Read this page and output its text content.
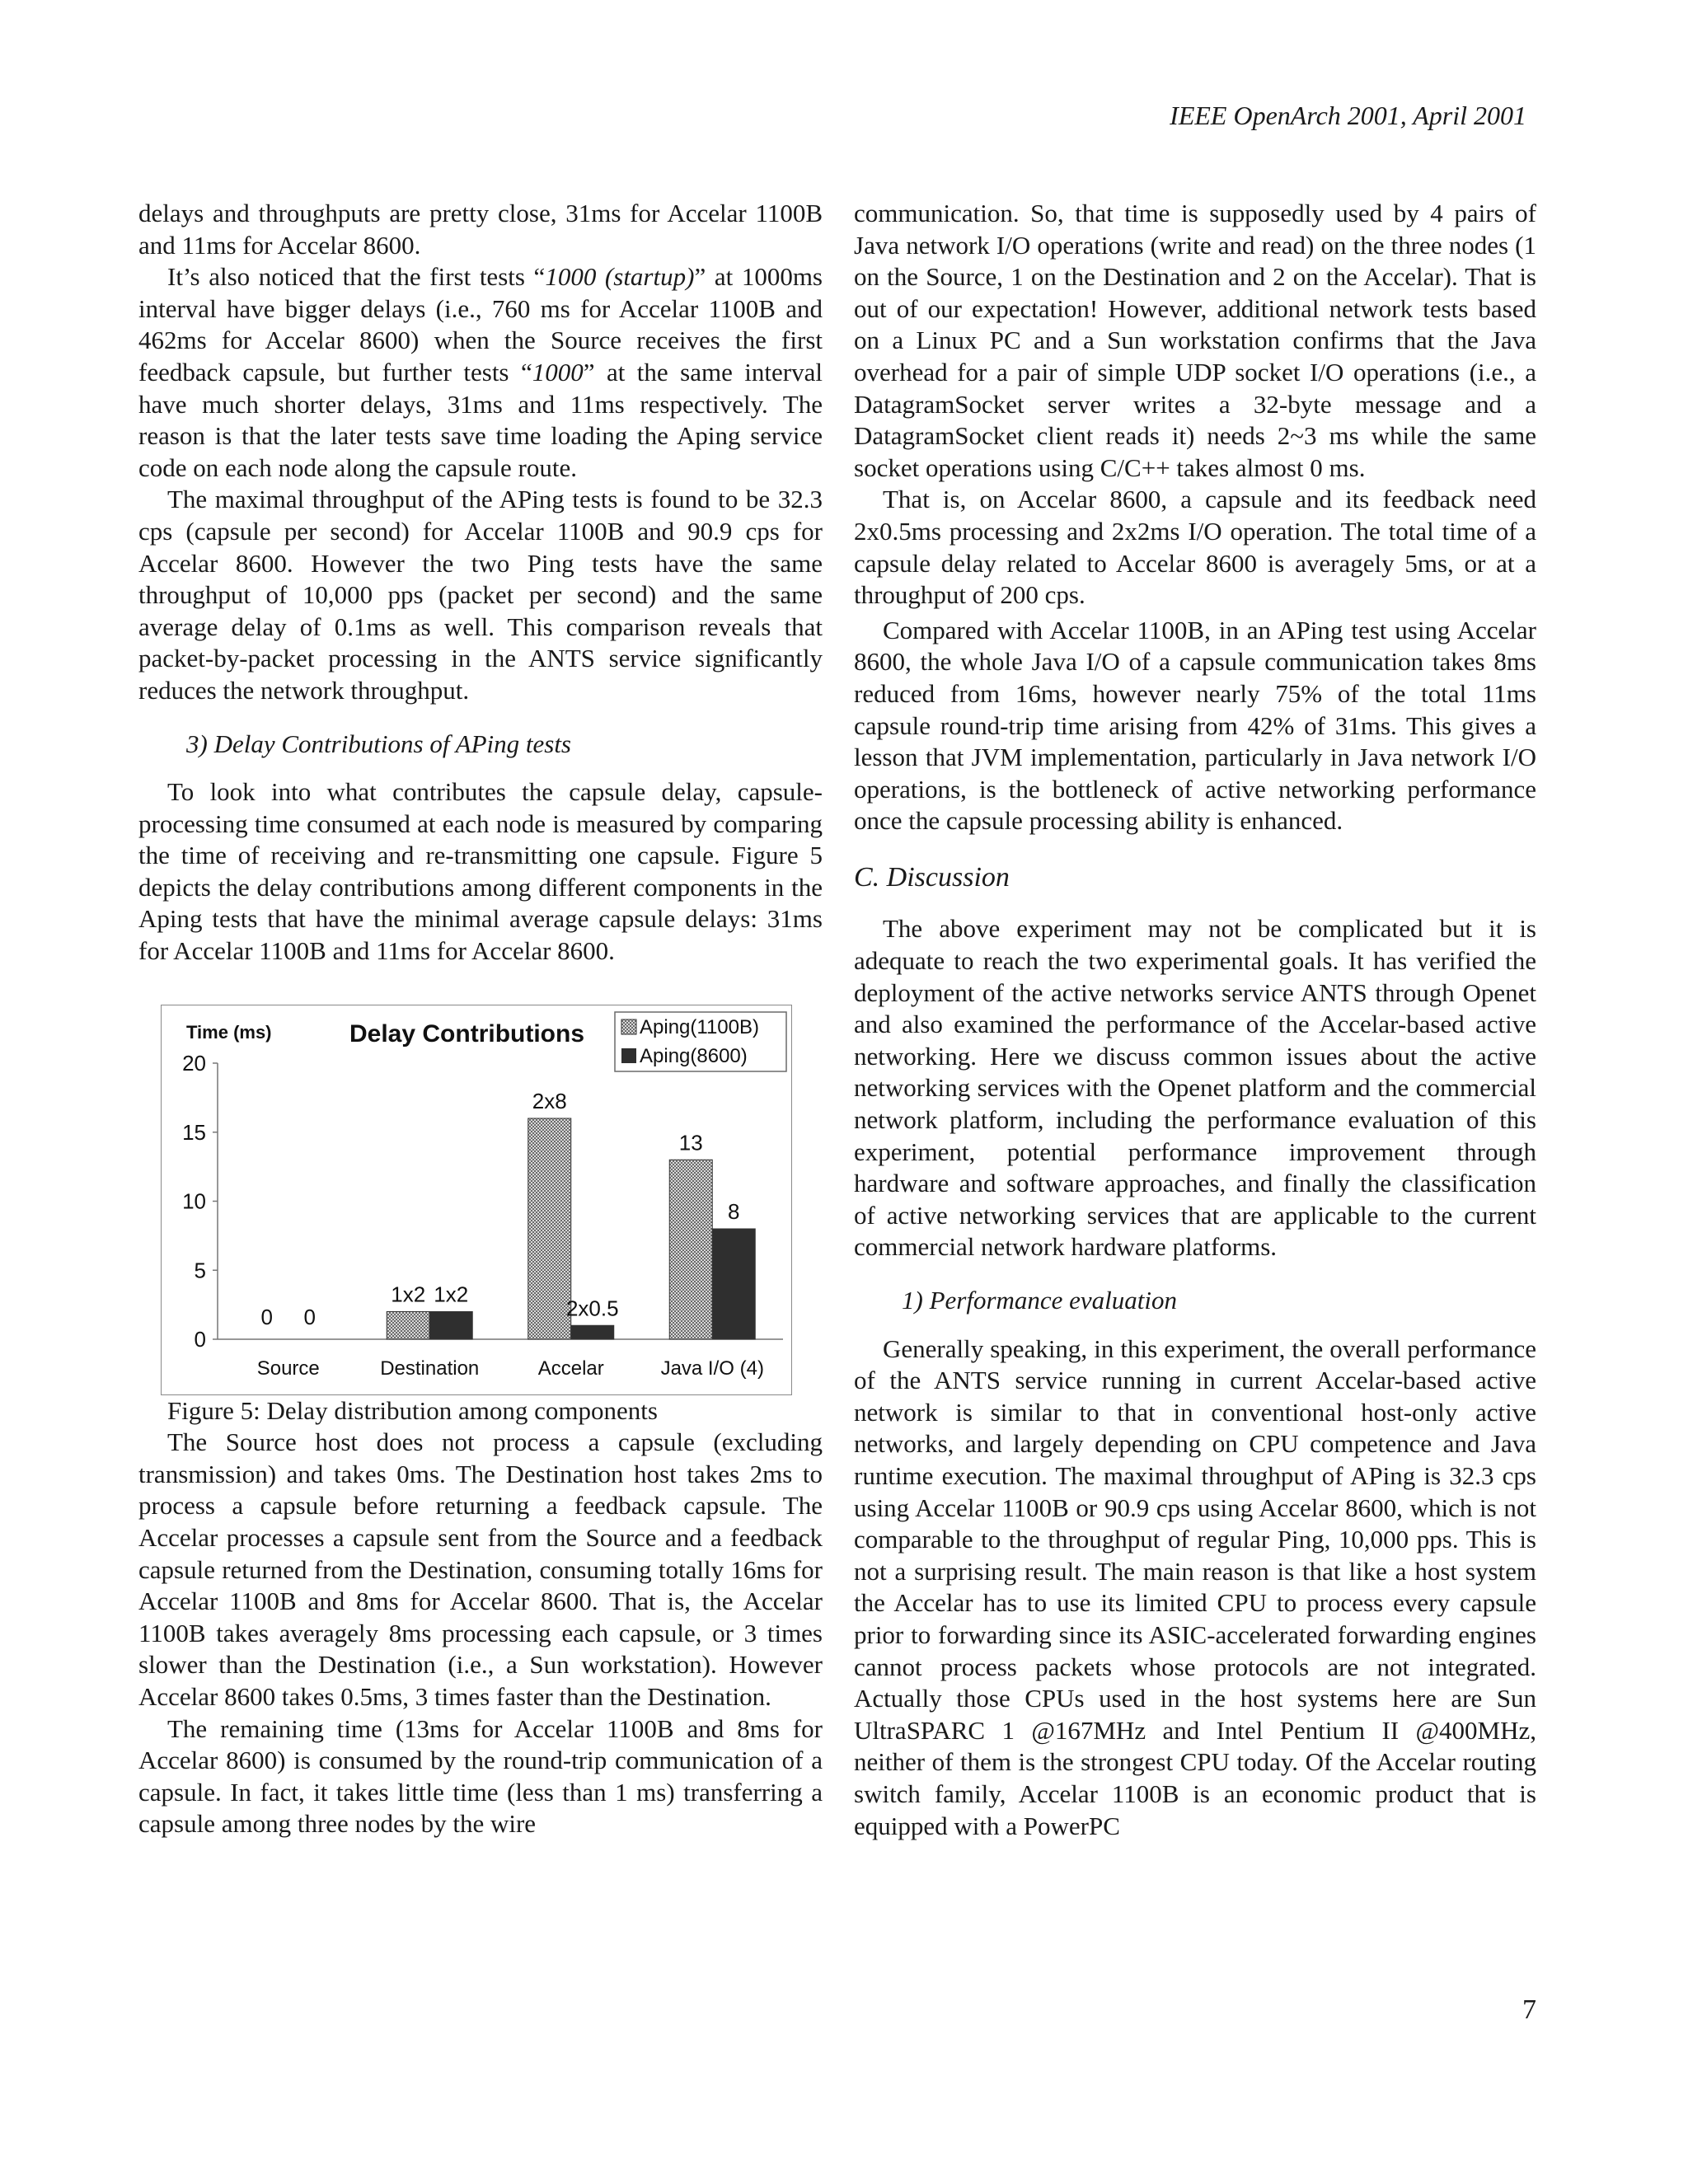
IEEE OpenArch 2001, April 2001

delays and throughputs are pretty close, 31ms for Accelar 1100B and 11ms for Accelar 8600.

It’s also noticed that the first tests “1000 (startup)” at 1000ms interval have bigger delays (i.e., 760 ms for Accelar 1100B and 462ms for Accelar 8600) when the Source receives the first feedback capsule, but further tests “1000” at the same interval have much shorter delays, 31ms and 11ms respectively. The reason is that the later tests save time loading the Aping service code on each node along the capsule route.

The maximal throughput of the APing tests is found to be 32.3 cps (capsule per second) for Accelar 1100B and 90.9 cps for Accelar 8600. However the two Ping tests have the same throughput of 10,000 pps (packet per second) and the same average delay of 0.1ms as well. This comparison reveals that packet-by-packet processing in the ANTS service significantly reduces the network throughput.

3) Delay Contributions of APing tests

To look into what contributes the capsule delay, capsule-processing time consumed at each node is measured by comparing the time of receiving and re-transmitting one capsule. Figure 5 depicts the delay contributions among different components in the Aping tests that have the minimal average capsule delays: 31ms for Accelar 1100B and 11ms for Accelar 8600.

Time (ms)	Delay Contributions	Aping(1100B)
Aping(8600)
0
5
10
15
20
0 0
1x2 1x2
2x8
2x0.5
13
8
Source	Destination	Accelar	Java I/O (4)

Figure 5: Delay distribution among components

The Source host does not process a capsule (excluding transmission) and takes 0ms. The Destination host takes 2ms to process a capsule before returning a feedback capsule. The Accelar processes a capsule sent from the Source and a feedback capsule returned from the Destination, consuming totally 16ms for Accelar 1100B and 8ms for Accelar 8600. That is, the Accelar 1100B takes averagely 8ms processing each capsule, or 3 times slower than the Destination (i.e., a Sun workstation). However Accelar 8600 takes 0.5ms, 3 times faster than the Destination.

The remaining time (13ms for Accelar 1100B and 8ms for Accelar 8600) is consumed by the round-trip communication of a capsule. In fact, it takes little time (less than 1 ms) transferring a capsule among three nodes by the wire

communication. So, that time is supposedly used by 4 pairs of Java network I/O operations (write and read) on the three nodes (1 on the Source, 1 on the Destination and 2 on the Accelar). That is out of our expectation! However, additional network tests based on a Linux PC and a Sun workstation confirms that the Java overhead for a pair of simple UDP socket I/O operations (i.e., a DatagramSocket server writes a 32-byte message and a DatagramSocket client reads it) needs 2~3 ms while the same socket operations using C/C++ takes almost 0 ms.

That is, on Accelar 8600, a capsule and its feedback need 2x0.5ms processing and 2x2ms I/O operation. The total time of a capsule delay related to Accelar 8600 is averagely 5ms, or at a throughput of 200 cps.

Compared with Accelar 1100B, in an APing test using Accelar 8600, the whole Java I/O of a capsule communication takes 8ms reduced from 16ms, however nearly 75% of the total 11ms capsule round-trip time arising from 42% of 31ms. This gives a lesson that JVM implementation, particularly in Java network I/O operations, is the bottleneck of active networking performance once the capsule processing ability is enhanced.

C. Discussion

The above experiment may not be complicated but it is adequate to reach the two experimental goals. It has verified the deployment of the active networks service ANTS through Openet and also examined the performance of the Accelar-based active networking. Here we discuss common issues about the active networking services with the Openet platform and the commercial network platform, including the performance evaluation of this experiment, potential performance improvement through hardware and software approaches, and finally the classification of active networking services that are applicable to the current commercial network hardware platforms.

1) Performance evaluation

Generally speaking, in this experiment, the overall performance of the ANTS service running in current Accelar-based active network is similar to that in conventional host-only active networks, and largely depending on CPU competence and Java runtime execution. The maximal throughput of APing is 32.3 cps using Accelar 1100B or 90.9 cps using Accelar 8600, which is not comparable to the throughput of regular Ping, 10,000 pps. This is not a surprising result. The main reason is that like a host system the Accelar has to use its limited CPU to process every capsule prior to forwarding since its ASIC-accelerated forwarding engines cannot process packets whose protocols are not integrated. Actually those CPUs used in the host systems here are Sun UltraSPARC 1 @167MHz and Intel Pentium II @400MHz, neither of them is the strongest CPU today. Of the Accelar routing switch family, Accelar 1100B is an economic product that is equipped with a PowerPC

7
